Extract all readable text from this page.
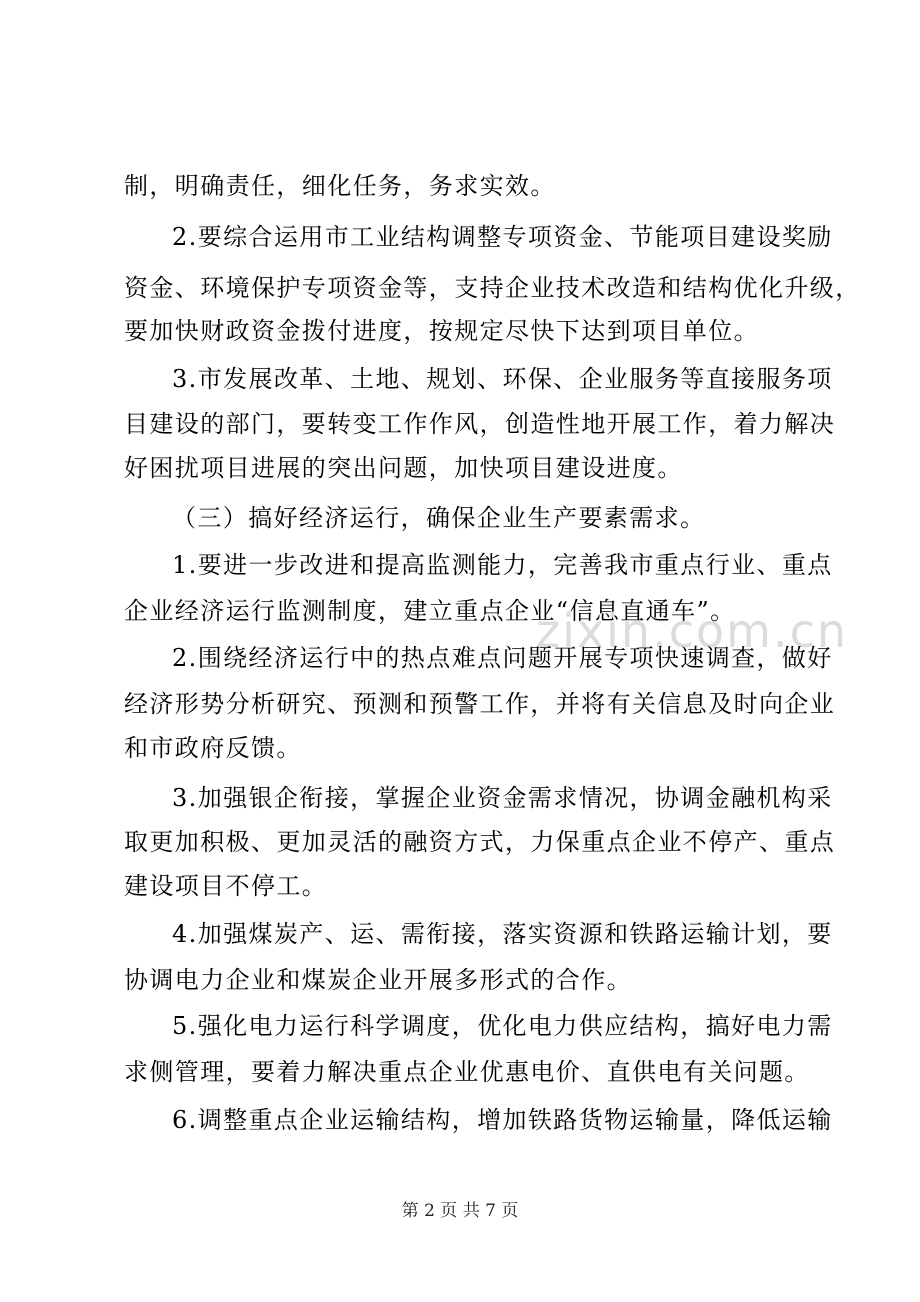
制，明确责任，细化任务，务求实效。
2.要综合运用市工业结构调整专项资金、节能项目建设奖励
资金、环境保护专项资金等，支持企业技术改造和结构优化升级，
要加快财政资金拨付进度，按规定尽快下达到项目单位。
3.市发展改革、土地、规划、环保、企业服务等直接服务项
目建设的部门，要转变工作作风，创造性地开展工作，着力解决
好困扰项目进展的突出问题，加快项目建设进度。
（三）搞好经济运行，确保企业生产要素需求。
1.要进一步改进和提高监测能力，完善我市重点行业、重点
企业经济运行监测制度，建立重点企业“信息直通车”。
zixin.com.cn
2.围绕经济运行中的热点难点问题开展专项快速调查，做好
经济形势分析研究、预测和预警工作，并将有关信息及时向企业
和市政府反馈。
3.加强银企衔接，掌握企业资金需求情况，协调金融机构采
取更加积极、更加灵活的融资方式，力保重点企业不停产、重点
建设项目不停工。
4.加强煤炭产、运、需衔接，落实资源和铁路运输计划，要
协调电力企业和煤炭企业开展多形式的合作。
5.强化电力运行科学调度，优化电力供应结构，搞好电力需
求侧管理，要着力解决重点企业优惠电价、直供电有关问题。
6.调整重点企业运输结构，增加铁路货物运输量，降低运输
第 2 页 共 7 页
